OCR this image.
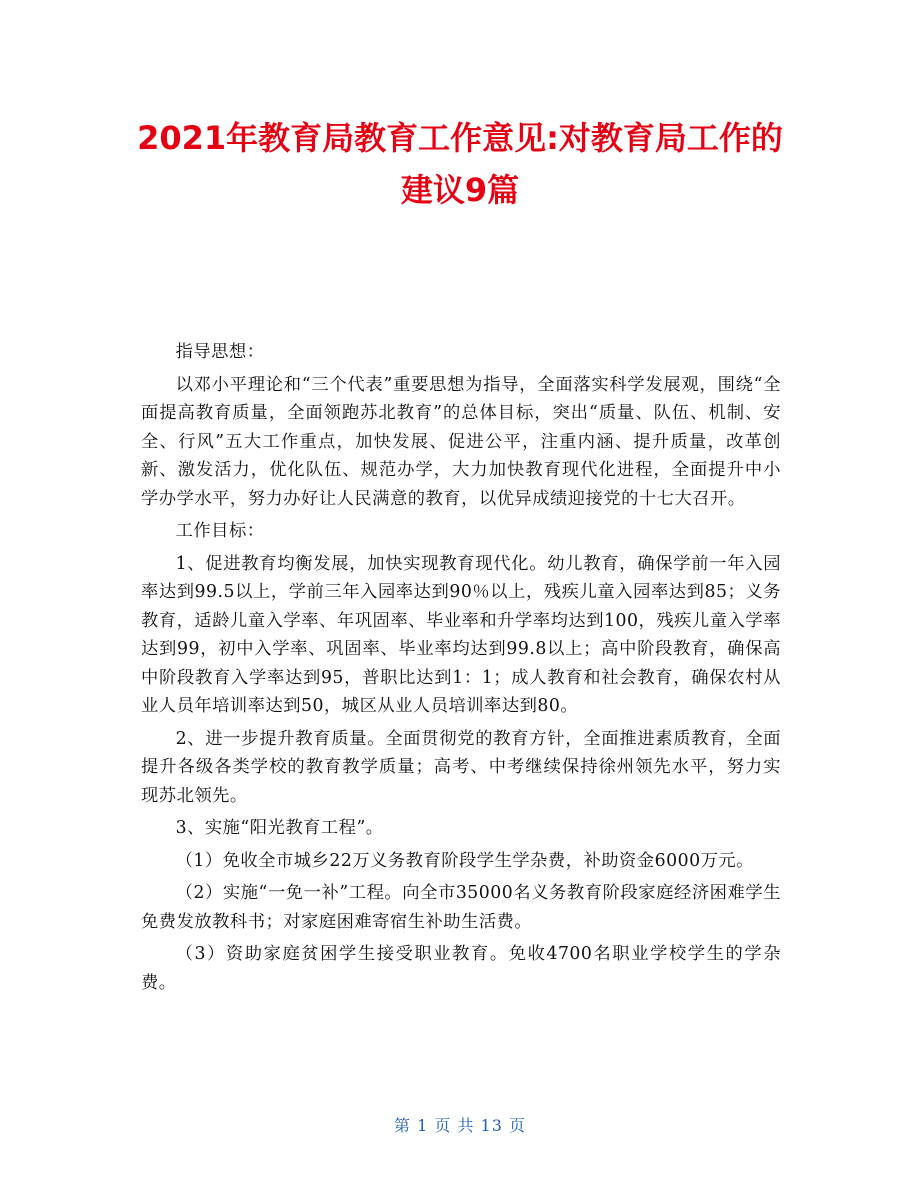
2021年教育局教育工作意见:对教育局工作的建议9篇

指导思想：

以邓小平理论和“三个代表”重要思想为指导，全面落实科学发展观，围绕“全面提高教育质量，全面领跑苏北教育”的总体目标，突出“质量、队伍、机制、安全、行风”五大工作重点，加快发展、促进公平，注重内涵、提升质量，改革创新、激发活力，优化队伍、规范办学，大力加快教育现代化进程，全面提升中小学办学水平，努力办好让人民满意的教育，以优异成绩迎接党的十七大召开。

工作目标：

1、促进教育均衡发展，加快实现教育现代化。幼儿教育，确保学前一年入园率达到99.5以上，学前三年入园率达到90％以上，残疾儿童入园率达到85；义务教育，适龄儿童入学率、年巩固率、毕业率和升学率均达到100，残疾儿童入学率达到99，初中入学率、巩固率、毕业率均达到99.8以上；高中阶段教育，确保高中阶段教育入学率达到95，普职比达到1：1；成人教育和社会教育，确保农村从业人员年培训率达到50，城区从业人员培训率达到80。

2、进一步提升教育质量。全面贯彻党的教育方针，全面推进素质教育，全面提升各级各类学校的教育教学质量；高考、中考继续保持徐州领先水平，努力实现苏北领先。

3、实施“阳光教育工程”。

（1）免收全市城乡22万义务教育阶段学生学杂费，补助资金6000万元。

（2）实施“一免一补”工程。向全市35000名义务教育阶段家庭经济困难学生免费发放教科书；对家庭困难寄宿生补助生活费。

（3）资助家庭贫困学生接受职业教育。免收4700名职业学校学生的学杂费。

第 1 页 共 13 页
